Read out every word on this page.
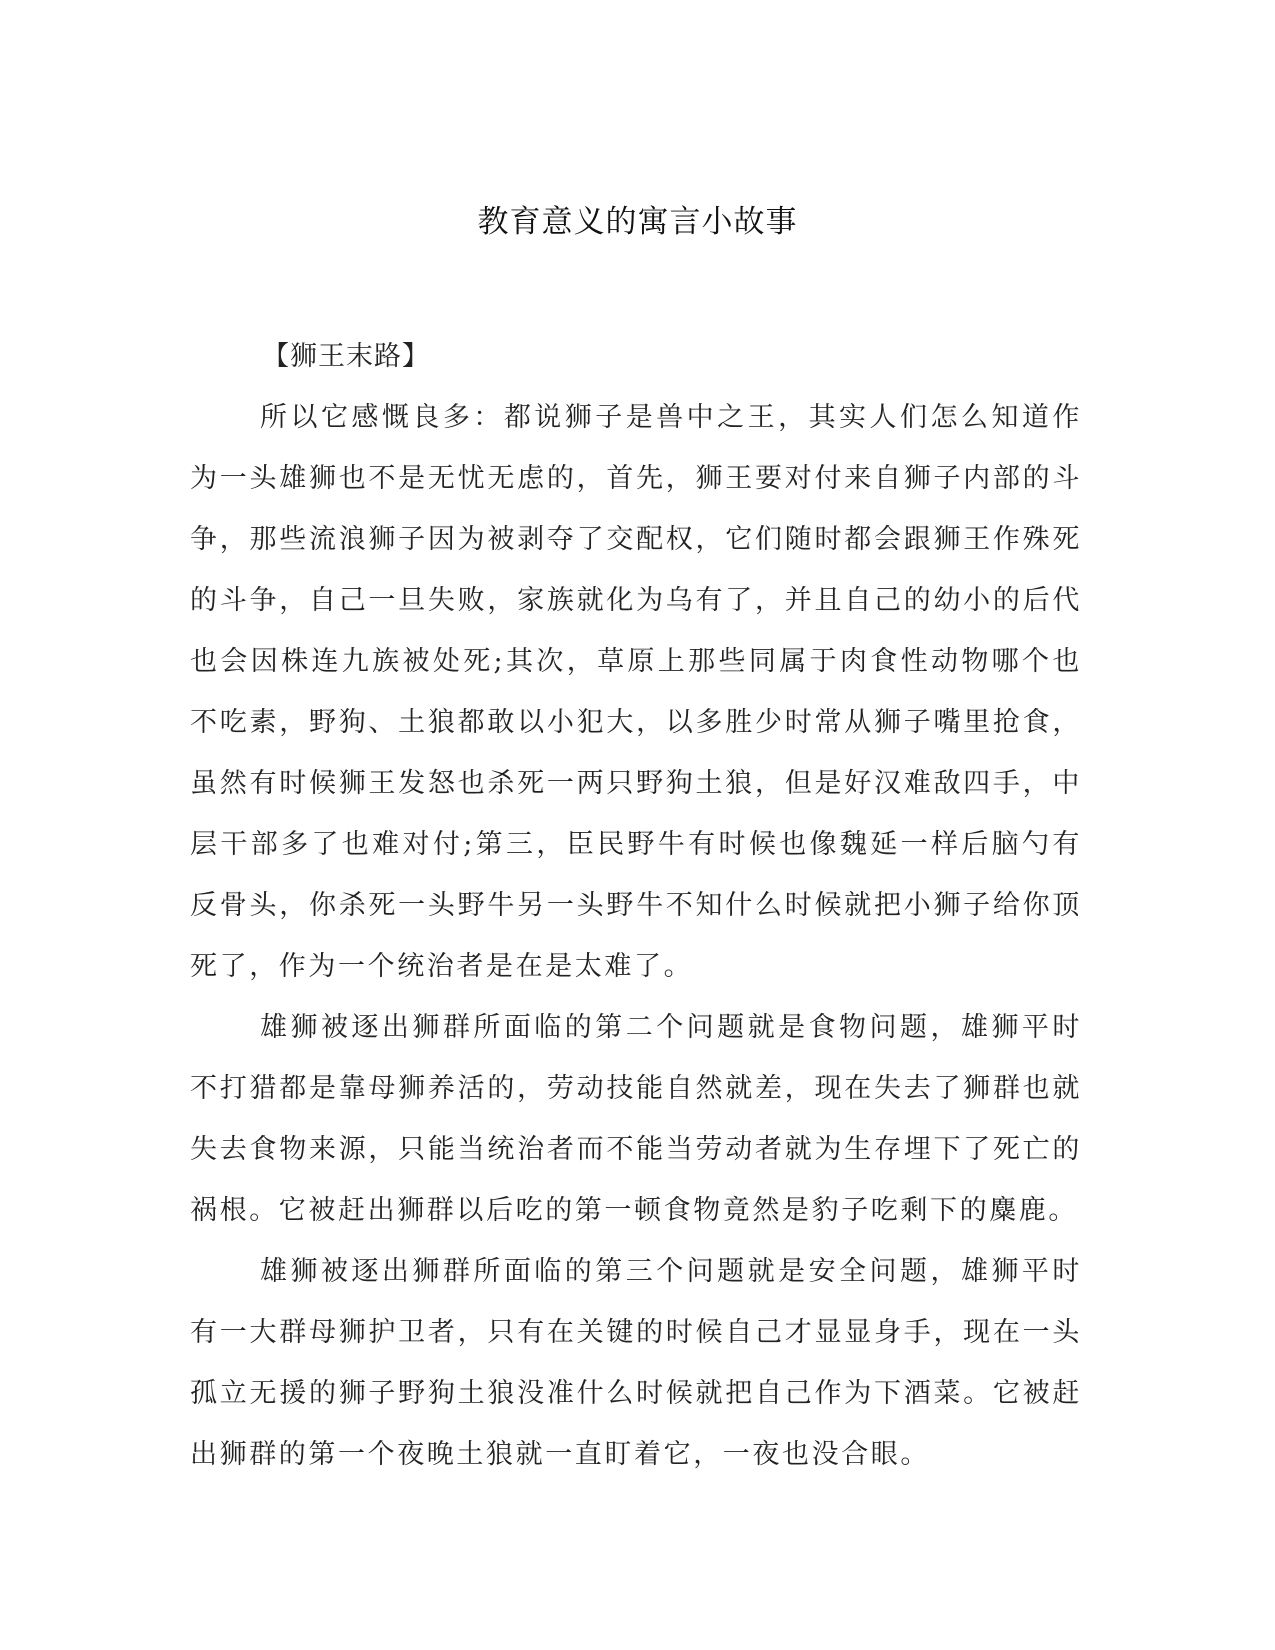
教育意义的寓言小故事

【狮王末路】

所以它感慨良多：都说狮子是兽中之王，其实人们怎么知道作为一头雄狮也不是无忧无虑的，首先，狮王要对付来自狮子内部的斗争，那些流浪狮子因为被剥夺了交配权，它们随时都会跟狮王作殊死的斗争，自己一旦失败，家族就化为乌有了，并且自己的幼小的后代也会因株连九族被处死;其次，草原上那些同属于肉食性动物哪个也不吃素，野狗、土狼都敢以小犯大，以多胜少时常从狮子嘴里抢食，虽然有时候狮王发怒也杀死一两只野狗土狼，但是好汉难敌四手，中层干部多了也难对付;第三，臣民野牛有时候也像魏延一样后脑勺有反骨头，你杀死一头野牛另一头野牛不知什么时候就把小狮子给你顶死了，作为一个统治者是在是太难了。

雄狮被逐出狮群所面临的第二个问题就是食物问题，雄狮平时不打猎都是靠母狮养活的，劳动技能自然就差，现在失去了狮群也就失去食物来源，只能当统治者而不能当劳动者就为生存埋下了死亡的祸根。它被赶出狮群以后吃的第一顿食物竟然是豹子吃剩下的麋鹿。

雄狮被逐出狮群所面临的第三个问题就是安全问题，雄狮平时有一大群母狮护卫者，只有在关键的时候自己才显显身手，现在一头孤立无援的狮子野狗土狼没准什么时候就把自己作为下酒菜。它被赶出狮群的第一个夜晚土狼就一直盯着它，一夜也没合眼。
